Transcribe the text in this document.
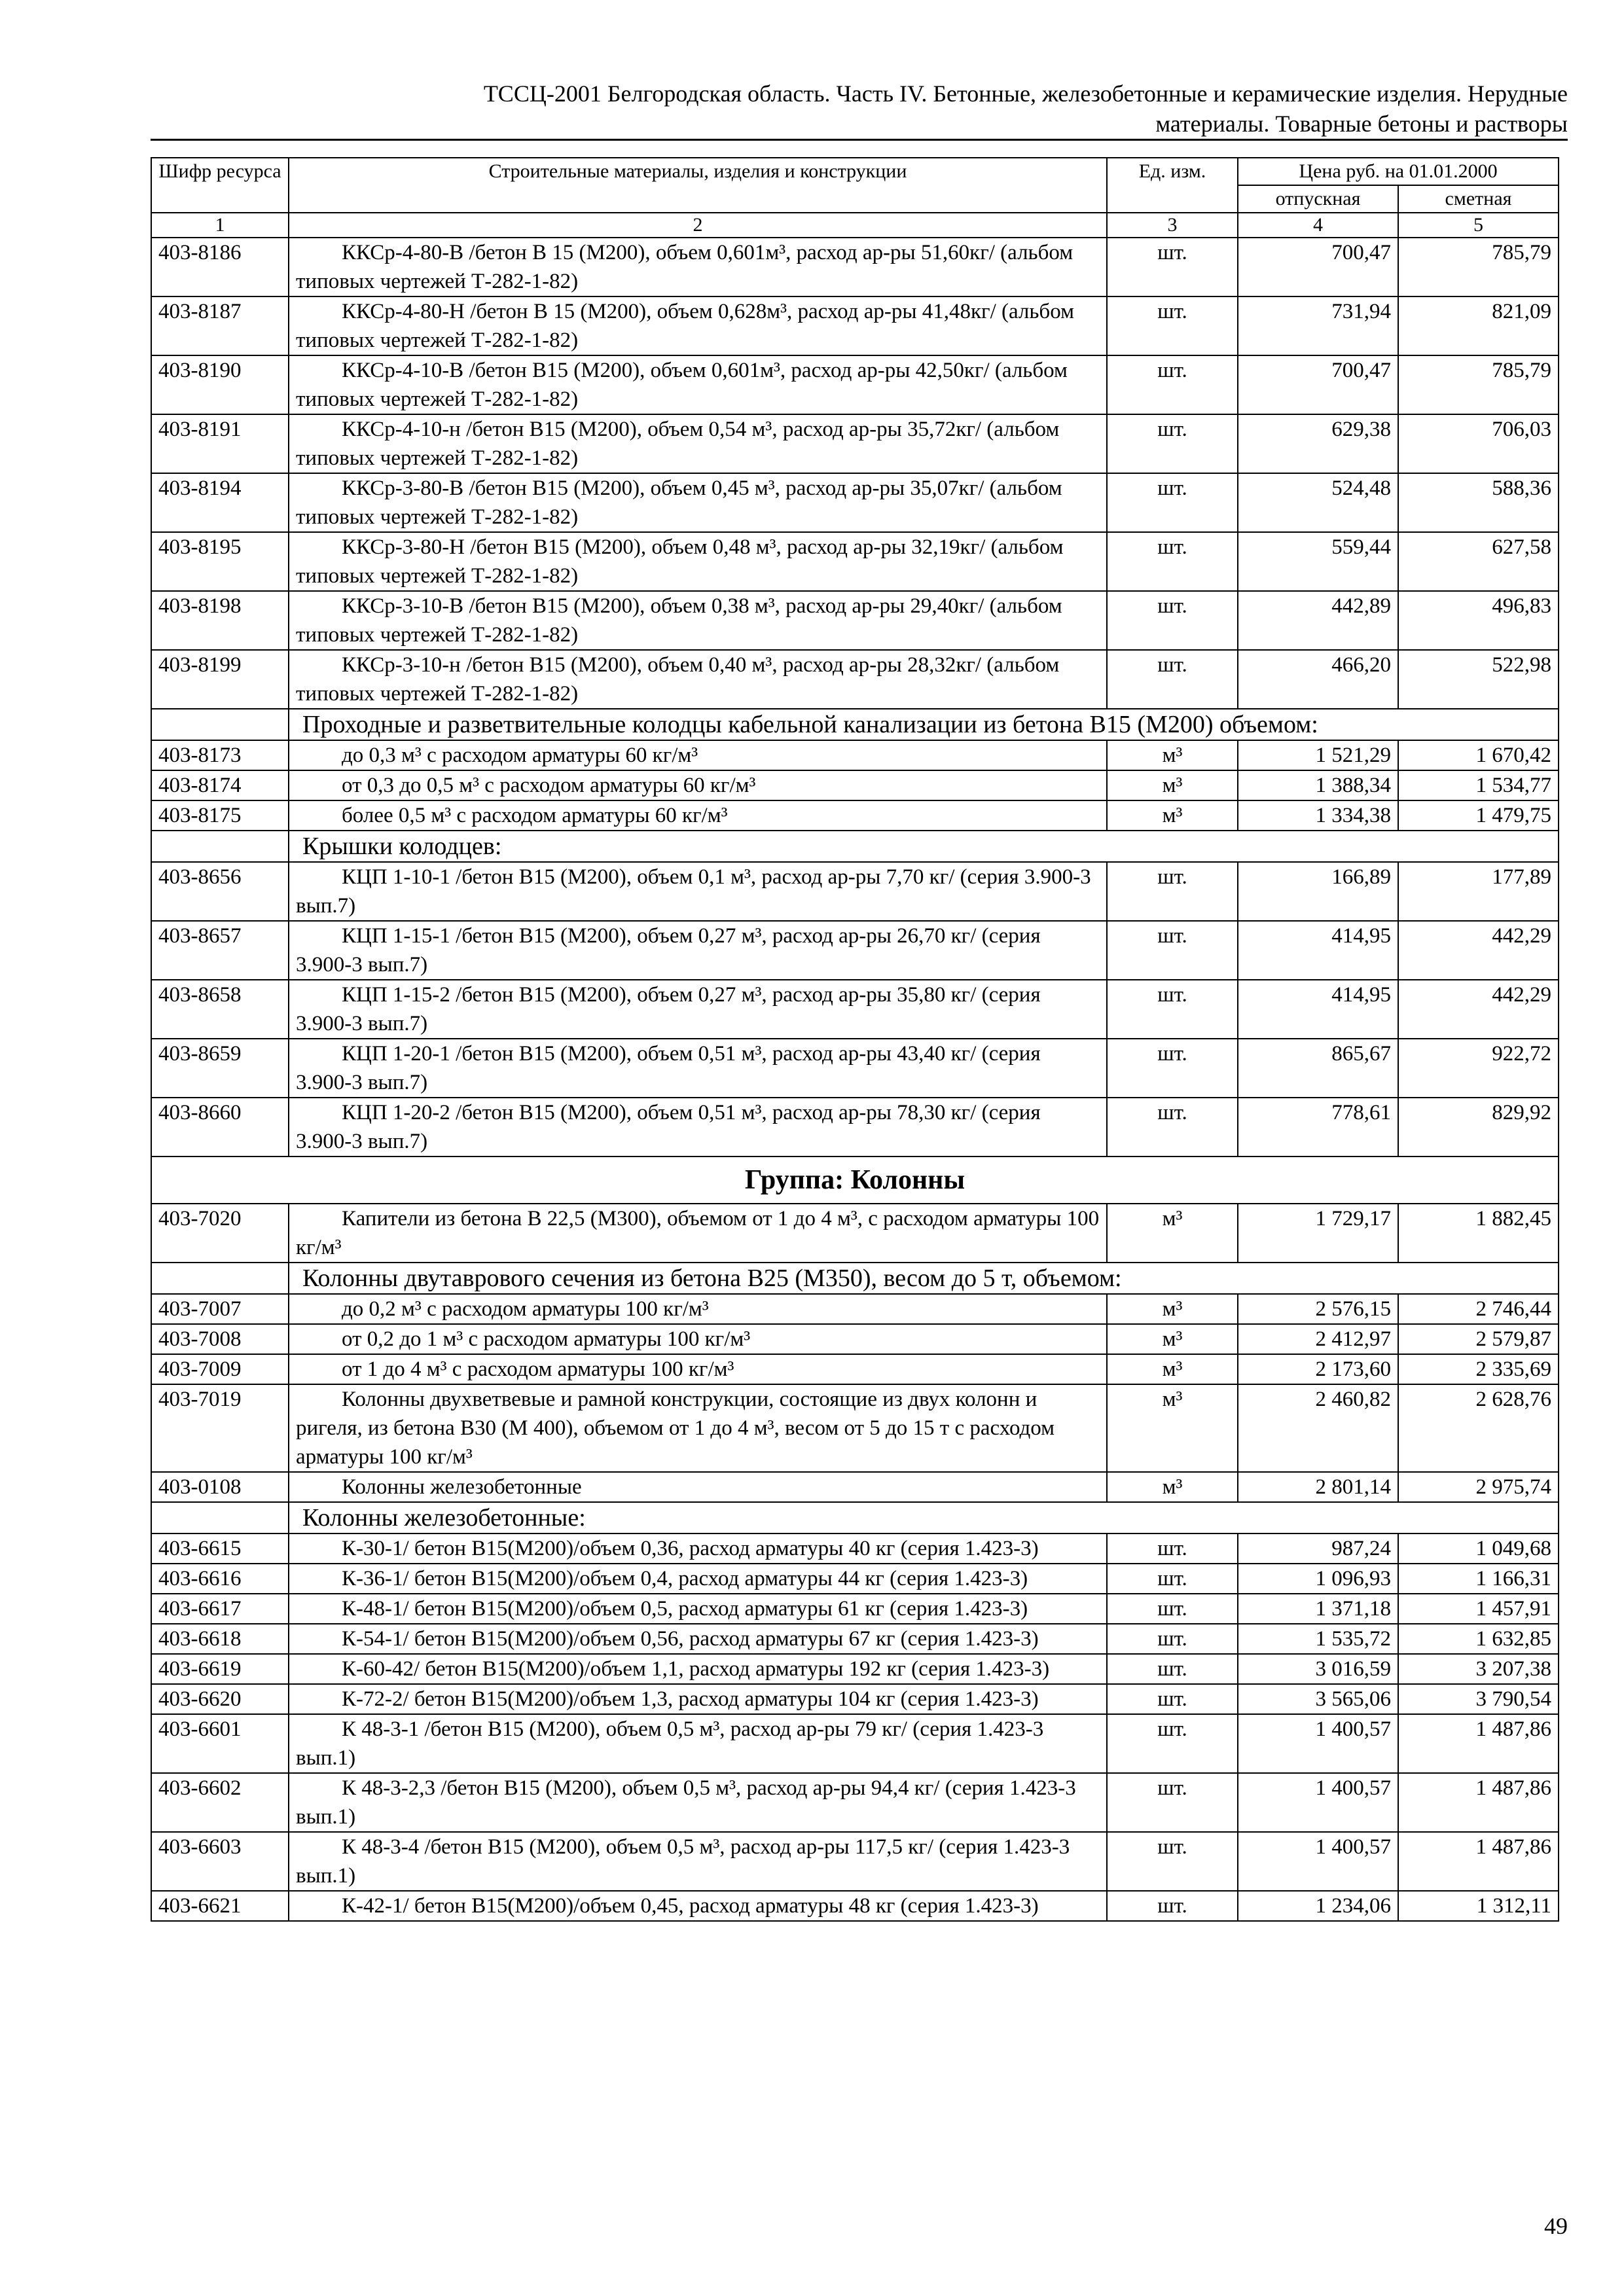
ТССЦ-2001 Белгородская область. Часть IV. Бетонные, железобетонные и керамические изделия. Нерудные
материалы. Товарные бетоны и растворы
Шифр ресурса	Строительные материалы, изделия и конструкции	Ед. изм.	Цена руб. на 01.01.2000	
			отпускная	сметная
1	2	3	4	5
403-8186	ККСр-4-80-В /бетон В 15 (М200), объем 0,601м³, расход ар-ры 51,60кг/ (альбом типовых чертежей Т-282-1-82)	шт.	700,47	785,79
403-8187	ККСр-4-80-Н /бетон В 15 (М200), объем 0,628м³, расход ар-ры 41,48кг/ (альбом типовых чертежей Т-282-1-82)	шт.	731,94	821,09
403-8190	ККСр-4-10-В /бетон В15 (М200), объем 0,601м³, расход ар-ры 42,50кг/ (альбом типовых чертежей Т-282-1-82)	шт.	700,47	785,79
403-8191	ККСр-4-10-н /бетон В15 (М200), объем 0,54 м³, расход ар-ры 35,72кг/ (альбом типовых чертежей Т-282-1-82)	шт.	629,38	706,03
403-8194	ККСр-3-80-В /бетон В15 (М200), объем 0,45 м³, расход ар-ры 35,07кг/ (альбом типовых чертежей Т-282-1-82)	шт.	524,48	588,36
403-8195	ККСр-3-80-Н /бетон В15 (М200), объем 0,48 м³, расход ар-ры 32,19кг/ (альбом типовых чертежей Т-282-1-82)	шт.	559,44	627,58
403-8198	ККСр-3-10-В /бетон В15 (М200), объем 0,38 м³, расход ар-ры 29,40кг/ (альбом типовых чертежей Т-282-1-82)	шт.	442,89	496,83
403-8199	ККСр-3-10-н /бетон В15 (М200), объем 0,40 м³, расход ар-ры 28,32кг/ (альбом типовых чертежей Т-282-1-82)	шт.	466,20	522,98
	Проходные и разветвительные колодцы кабельной канализации из бетона В15 (М200) объемом:			
403-8173	до 0,3 м³ с расходом арматуры 60 кг/м³	м³	1 521,29	1 670,42
403-8174	от 0,3 до 0,5 м³ с расходом арматуры 60 кг/м³	м³	1 388,34	1 534,77
403-8175	более 0,5 м³ с расходом арматуры 60 кг/м³	м³	1 334,38	1 479,75
	Крышки колодцев:			
403-8656	КЦП 1-10-1 /бетон В15 (М200), объем 0,1 м³, расход ар-ры 7,70 кг/ (серия 3.900-3 вып.7)	шт.	166,89	177,89
403-8657	КЦП 1-15-1 /бетон В15 (М200), объем 0,27 м³, расход ар-ры 26,70 кг/ (серия 3.900-3 вып.7)	шт.	414,95	442,29
403-8658	КЦП 1-15-2 /бетон В15 (М200), объем 0,27 м³, расход ар-ры 35,80 кг/ (серия 3.900-3 вып.7)	шт.	414,95	442,29
403-8659	КЦП 1-20-1 /бетон В15 (М200), объем 0,51 м³, расход ар-ры 43,40 кг/ (серия 3.900-3 вып.7)	шт.	865,67	922,72
403-8660	КЦП 1-20-2 /бетон В15 (М200), объем 0,51 м³, расход ар-ры 78,30 кг/ (серия 3.900-3 вып.7)	шт.	778,61	829,92
Группа: Колонны				
403-7020	Капители из бетона В 22,5 (М300), объемом от 1 до 4 м³, с расходом арматуры 100 кг/м³	м³	1 729,17	1 882,45
	Колонны двутаврового сечения из бетона В25 (М350), весом до 5 т, объемом:			
403-7007	до 0,2 м³ с расходом арматуры 100 кг/м³	м³	2 576,15	2 746,44
403-7008	от 0,2 до 1 м³ с расходом арматуры 100 кг/м³	м³	2 412,97	2 579,87
403-7009	от 1 до 4 м³ с расходом арматуры 100 кг/м³	м³	2 173,60	2 335,69
403-7019	Колонны двухветвевые и рамной конструкции, состоящие из двух колонн и ригеля, из бетона В30 (М 400), объемом от 1 до 4 м³, весом от 5 до 15 т с расходом арматуры 100 кг/м³	м³	2 460,82	2 628,76
403-0108	Колонны железобетонные	м³	2 801,14	2 975,74
	Колонны железобетонные:			
403-6615	К-30-1/ бетон В15(М200)/объем 0,36, расход арматуры 40 кг (серия 1.423-3)	шт.	987,24	1 049,68
403-6616	К-36-1/ бетон В15(М200)/объем 0,4, расход арматуры 44 кг (серия 1.423-3)	шт.	1 096,93	1 166,31
403-6617	К-48-1/ бетон В15(М200)/объем 0,5, расход арматуры 61 кг (серия 1.423-3)	шт.	1 371,18	1 457,91
403-6618	К-54-1/ бетон В15(М200)/объем 0,56, расход арматуры 67 кг (серия 1.423-3)	шт.	1 535,72	1 632,85
403-6619	К-60-42/ бетон В15(М200)/объем 1,1, расход арматуры 192 кг (серия 1.423-3)	шт.	3 016,59	3 207,38
403-6620	К-72-2/ бетон В15(М200)/объем 1,3, расход арматуры 104 кг (серия 1.423-3)	шт.	3 565,06	3 790,54
403-6601	К 48-3-1 /бетон В15 (М200), объем 0,5 м³, расход ар-ры 79 кг/ (серия 1.423-3 вып.1)	шт.	1 400,57	1 487,86
403-6602	К 48-3-2,3 /бетон В15 (М200), объем 0,5 м³, расход ар-ры 94,4 кг/ (серия 1.423-3 вып.1)	шт.	1 400,57	1 487,86
403-6603	К 48-3-4 /бетон В15 (М200), объем 0,5 м³, расход ар-ры 117,5 кг/ (серия 1.423-3 вып.1)	шт.	1 400,57	1 487,86
403-6621	К-42-1/ бетон В15(М200)/объем 0,45, расход арматуры 48 кг (серия 1.423-3)	шт.	1 234,06	1 312,11
49
